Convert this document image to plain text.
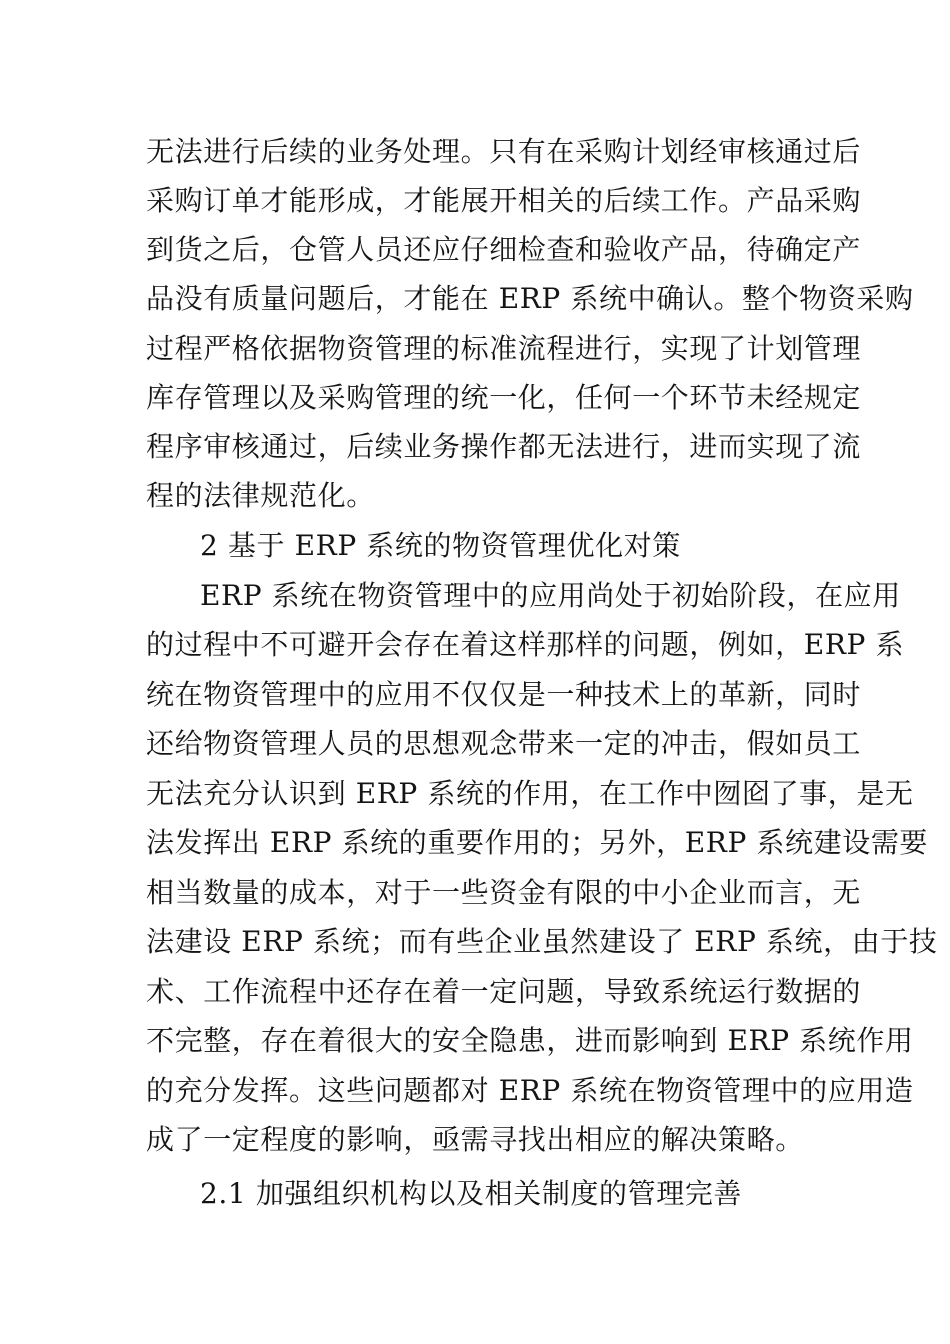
无法进行后续的业务处理。只有在采购计划经审核通过后
采购订单才能形成，才能展开相关的后续工作。产品采购
到货之后，仓管人员还应仔细检查和验收产品，待确定产
品没有质量问题后，才能在 ERP 系统中确认。整个物资采购
过程严格依据物资管理的标准流程进行，实现了计划管理
库存管理以及采购管理的统一化，任何一个环节未经规定
程序审核通过，后续业务操作都无法进行，进而实现了流
程的法律规范化。
2 基于 ERP 系统的物资管理优化对策
ERP 系统在物资管理中的应用尚处于初始阶段，在应用
的过程中不可避开会存在着这样那样的问题，例如，ERP 系
统在物资管理中的应用不仅仅是一种技术上的革新，同时
还给物资管理人员的思想观念带来一定的冲击，假如员工
无法充分认识到 ERP 系统的作用，在工作中囫囵了事，是无
法发挥出 ERP 系统的重要作用的；另外，ERP 系统建设需要
相当数量的成本，对于一些资金有限的中小企业而言，无
法建设 ERP 系统；而有些企业虽然建设了 ERP 系统，由于技
术、工作流程中还存在着一定问题，导致系统运行数据的
不完整，存在着很大的安全隐患，进而影响到 ERP 系统作用
的充分发挥。这些问题都对 ERP 系统在物资管理中的应用造
成了一定程度的影响，亟需寻找出相应的解决策略。
2.1 加强组织机构以及相关制度的管理完善
